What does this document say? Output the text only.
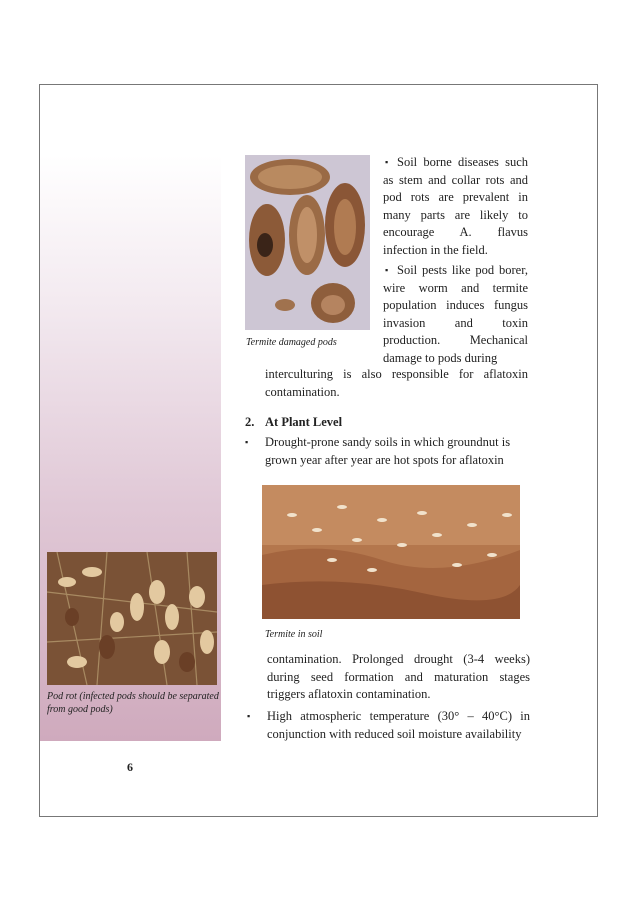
Termite damaged pods
▪ Soil borne diseases such as stem and collar rots and pod rots are prevalent in many parts are likely to encourage A. flavus infection in the field.

▪ Soil pests like pod borer, wire worm and termite population induces fungus invasion and toxin production. Mechanical damage to pods during

interculturing is also responsible for aflatoxin contamination.

2. At Plant Level
▪ Drought-prone sandy soils in which groundnut is grown year after year are hot spots for aflatoxin

Termite in soil

contamination. Prolonged drought (3-4 weeks) during seed formation and maturation stages triggers aflatoxin contamination.

▪ High atmospheric temperature (30° – 40°C) in conjunction with reduced soil moisture availability

Pod rot (infected pods should be separated from good pods)
6
